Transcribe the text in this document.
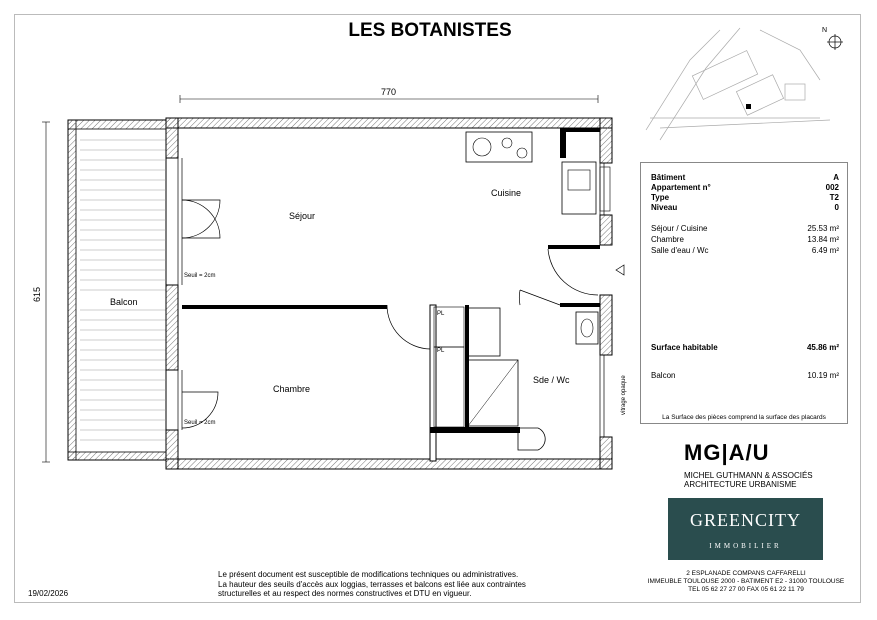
LES BOTANISTES
770
615
Séjour
Cuisine
Chambre
Sde / Wc
Balcon
Seuil = 2cm
Seuil = 2cm
PL
PL
vitrage opaque
N
Bâtiment	A
Appartement n°	002
Type	T2
Niveau	0
Séjour / Cuisine	25.53 m²
Chambre	13.84 m²
Salle d'eau / Wc	6.49 m²
Surface habitable	45.86 m²
Balcon	10.19 m²
La Surface des pièces comprend la surface des placards
MG|A/U
MICHEL GUTHMANN & ASSOCIÉS
ARCHITECTURE URBANISME
GREENCITY
IMMOBILIER
2 ESPLANADE COMPANS CAFFARELLI
IMMEUBLE TOULOUSE 2000 - BATIMENT E2 - 31000 TOULOUSE
TEL 05 62 27 27 00 FAX 05 61 22 11 79
Le présent document est susceptible de modifications techniques ou administratives.
La hauteur des seuils d'accès aux loggias, terrasses et balcons est liée aux contraintes
structurelles et au respect des normes constructives et DTU en vigueur.
19/02/2026
